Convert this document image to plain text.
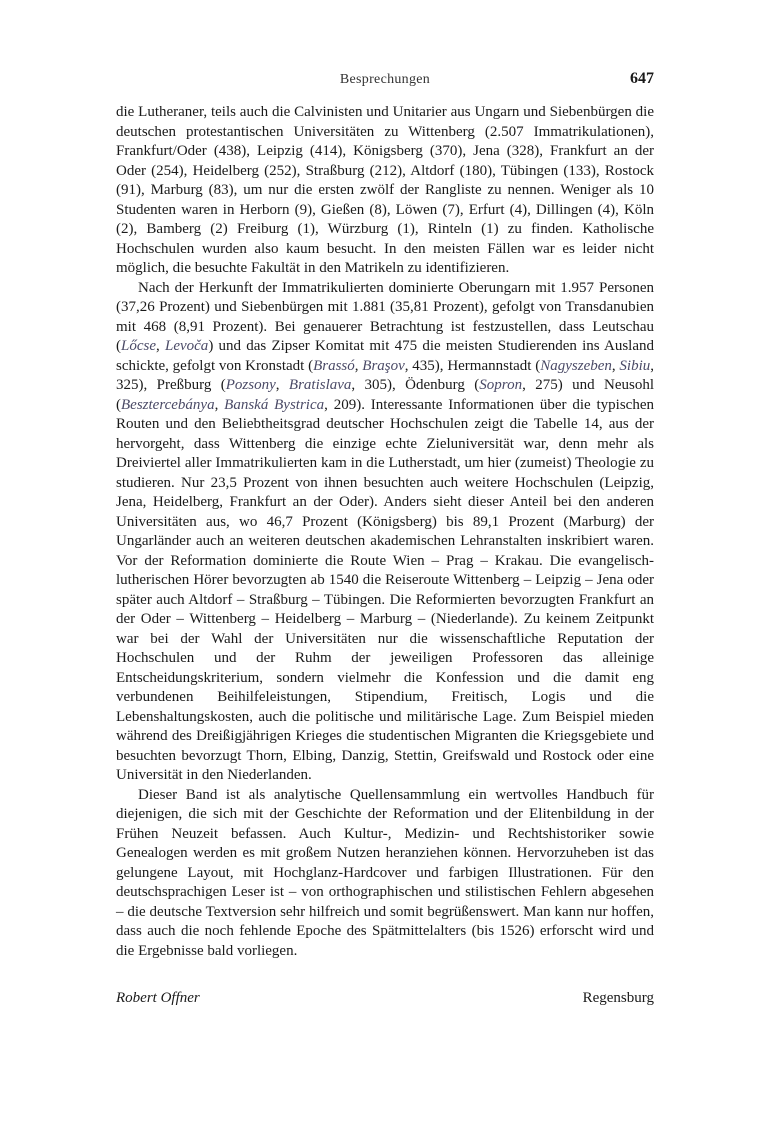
Besprechungen	647

die Lutheraner, teils auch die Calvinisten und Unitarier aus Ungarn und Siebenbürgen die deutschen protestantischen Universitäten zu Wittenberg (2.507 Immatrikulationen), Frankfurt/Oder (438), Leipzig (414), Königsberg (370), Jena (328), Frankfurt an der Oder (254), Heidelberg (252), Straßburg (212), Altdorf (180), Tübingen (133), Rostock (91), Marburg (83), um nur die ersten zwölf der Rangliste zu nennen. Weniger als 10 Studenten waren in Herborn (9), Gießen (8), Löwen (7), Erfurt (4), Dillingen (4), Köln (2), Bamberg (2) Freiburg (1), Würzburg (1), Rinteln (1) zu finden. Katholische Hochschulen wurden also kaum besucht. In den meisten Fällen war es leider nicht möglich, die besuchte Fakultät in den Matrikeln zu identifizieren.

Nach der Herkunft der Immatrikulierten dominierte Oberungarn mit 1.957 Personen (37,26 Prozent) und Siebenbürgen mit 1.881 (35,81 Prozent), gefolgt von Transdanubien mit 468 (8,91 Prozent). Bei genauerer Betrachtung ist festzustellen, dass Leutschau (Lőcse, Levoča) und das Zipser Komitat mit 475 die meisten Studierenden ins Ausland schickte, gefolgt von Kronstadt (Brassó, Braşov, 435), Hermannstadt (Nagyszeben, Sibiu, 325), Preßburg (Pozsony, Bratislava, 305), Ödenburg (Sopron, 275) und Neusohl (Besztercebánya, Banská Bystrica, 209). Interessante Informationen über die typischen Routen und den Beliebtheitsgrad deutscher Hochschulen zeigt die Tabelle 14, aus der hervorgeht, dass Wittenberg die einzige echte Zieluniversität war, denn mehr als Dreiviertel aller Immatrikulierten kam in die Lutherstadt, um hier (zumeist) Theologie zu studieren. Nur 23,5 Prozent von ihnen besuchten auch weitere Hochschulen (Leipzig, Jena, Heidelberg, Frankfurt an der Oder). Anders sieht dieser Anteil bei den anderen Universitäten aus, wo 46,7 Prozent (Königsberg) bis 89,1 Prozent (Marburg) der Ungarländer auch an weiteren deutschen akademischen Lehranstalten inskribiert waren. Vor der Reformation dominierte die Route Wien – Prag – Krakau. Die evangelisch-lutherischen Hörer bevorzugten ab 1540 die Reiseroute Wittenberg – Leipzig – Jena oder später auch Altdorf – Straßburg – Tübingen. Die Reformierten bevorzugten Frankfurt an der Oder – Wittenberg – Heidelberg – Marburg – (Niederlande). Zu keinem Zeitpunkt war bei der Wahl der Universitäten nur die wissenschaftliche Reputation der Hochschulen und der Ruhm der jeweiligen Professoren das alleinige Entscheidungskriterium, sondern vielmehr die Konfession und die damit eng verbundenen Beihilfeleistungen, Stipendium, Freitisch, Logis und die Lebenshaltungskosten, auch die politische und militärische Lage. Zum Beispiel mieden während des Dreißigjährigen Krieges die studentischen Migranten die Kriegsgebiete und besuchten bevorzugt Thorn, Elbing, Danzig, Stettin, Greifswald und Rostock oder eine Universität in den Niederlanden.

Dieser Band ist als analytische Quellensammlung ein wertvolles Handbuch für diejenigen, die sich mit der Geschichte der Reformation und der Elitenbildung in der Frühen Neuzeit befassen. Auch Kultur-, Medizin- und Rechtshistoriker sowie Genealogen werden es mit großem Nutzen heranziehen können. Hervorzuheben ist das gelungene Layout, mit Hochglanz-Hardcover und farbigen Illustrationen. Für den deutschsprachigen Leser ist – von orthographischen und stilistischen Fehlern abgesehen – die deutsche Textversion sehr hilfreich und somit begrüßenswert. Man kann nur hoffen, dass auch die noch fehlende Epoche des Spätmittelalters (bis 1526) erforscht wird und die Ergebnisse bald vorliegen.

Robert Offner	Regensburg
